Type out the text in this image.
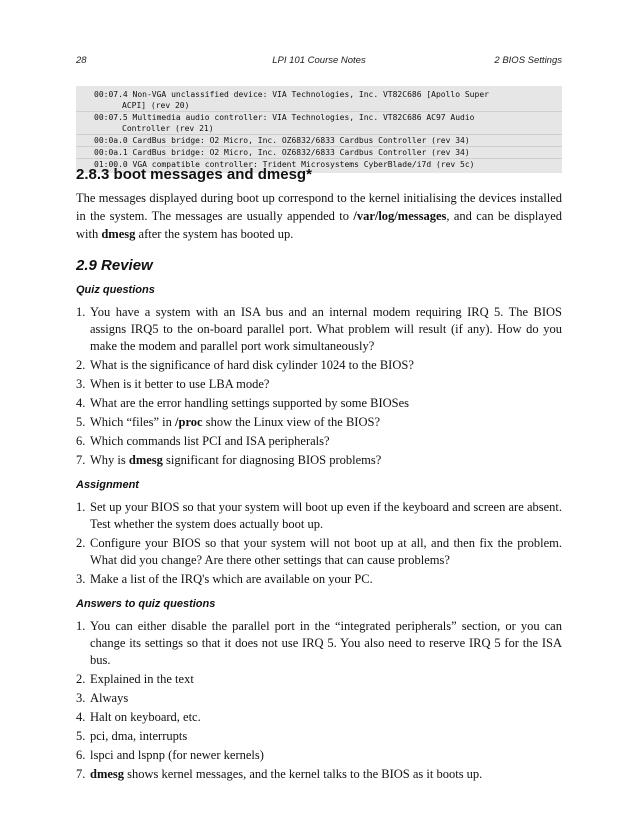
28	LPI 101 Course Notes	2 BIOS Settings
00:07.4 Non-VGA unclassified device: VIA Technologies, Inc. VT82C686 [Apollo Super
ACPI] (rev 20)
00:07.5 Multimedia audio controller: VIA Technologies, Inc. VT82C686 AC97 Audio
Controller (rev 21)
00:0a.0 CardBus bridge: O2 Micro, Inc. OZ6832/6833 Cardbus Controller (rev 34)
00:0a.1 CardBus bridge: O2 Micro, Inc. OZ6832/6833 Cardbus Controller (rev 34)
01:00.0 VGA compatible controller: Trident Microsystems CyberBlade/i7d (rev 5c)
2.8.3 boot messages and dmesg*

The messages displayed during boot up correspond to the kernel initialising the devices installed in the system. The messages are usually appended to /var/log/messages, and can be displayed with dmesg after the system has booted up.

2.9 Review
Quiz questions
1. You have a system with an ISA bus and an internal modem requiring IRQ 5. The BIOS assigns IRQ5 to the on-board parallel port. What problem will result (if any). How do you make the modem and parallel port work simultaneously?
2. What is the significance of hard disk cylinder 1024 to the BIOS?
3. When is it better to use LBA mode?
4. What are the error handling settings supported by some BIOSes
5. Which “files” in /proc show the Linux view of the BIOS?
6. Which commands list PCI and ISA peripherals?
7. Why is dmesg significant for diagnosing BIOS problems?
Assignment
1. Set up your BIOS so that your system will boot up even if the keyboard and screen are absent. Test whether the system does actually boot up.
2. Configure your BIOS so that your system will not boot up at all, and then fix the problem. What did you change? Are there other settings that can cause problems?
3. Make a list of the IRQ's which are available on your PC.
Answers to quiz questions
1. You can either disable the parallel port in the “integrated peripherals” section, or you can change its settings so that it does not use IRQ 5. You also need to reserve IRQ 5 for the ISA bus.
2. Explained in the text
3. Always
4. Halt on keyboard, etc.
5. pci, dma, interrupts
6. lspci and lspnp (for newer kernels)
7. dmesg shows kernel messages, and the kernel talks to the BIOS as it boots up.
